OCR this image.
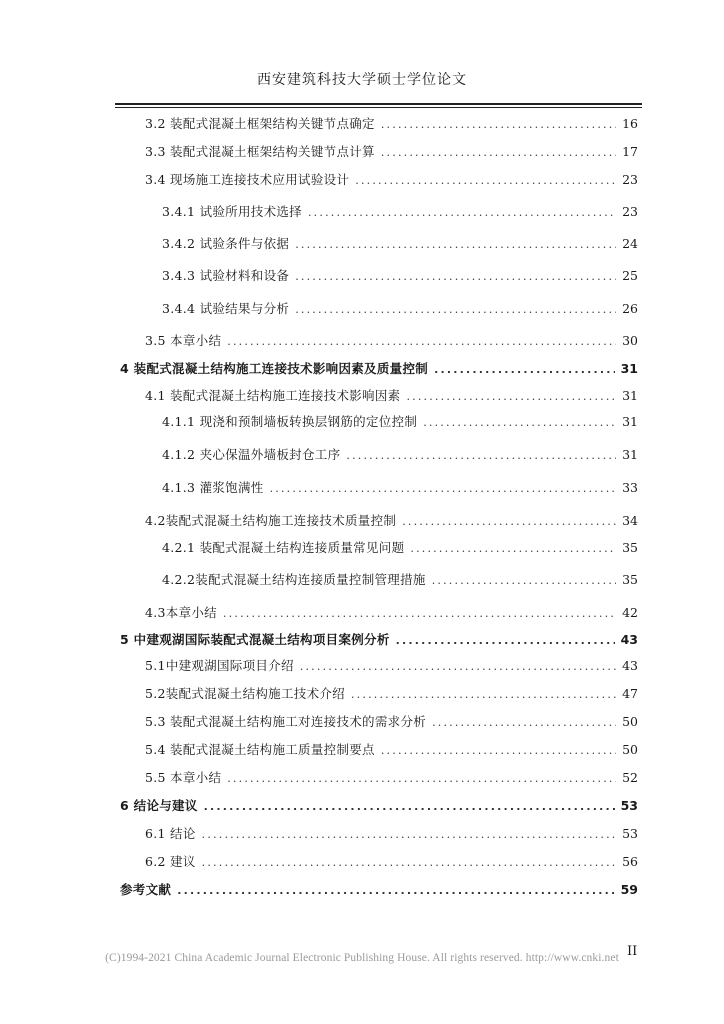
西安建筑科技大学硕士学位论文
3.2 装配式混凝土框架结构关键节点确定 .....	16
3.3 装配式混凝土框架结构关键节点计算 .....	17
3.4 现场施工连接技术应用试验设计 .....	23
3.4.1 试验所用技术选择 .....	23
3.4.2 试验条件与依据 .....	24
3.4.3 试验材料和设备 .....	25
3.4.4 试验结果与分析 .....	26
3.5 本章小结 .....	30
4 装配式混凝土结构施工连接技术影响因素及质量控制 .....	31
4.1 装配式混凝土结构施工连接技术影响因素 .....	31
4.1.1 现浇和预制墙板转换层钢筋的定位控制 .....	31
4.1.2 夹心保温外墙板封仓工序 .....	31
4.1.3 灌浆饱满性 .....	33
4.2装配式混凝土结构施工连接技术质量控制 .....	34
4.2.1 装配式混凝土结构连接质量常见问题 .....	35
4.2.2装配式混凝土结构连接质量控制管理措施 .....	35
4.3本章小结 .....	42
5 中建观湖国际装配式混凝土结构项目案例分析 .....	43
5.1中建观湖国际项目介绍 .....	43
5.2装配式混凝土结构施工技术介绍 .....	47
5.3 装配式混凝土结构施工对连接技术的需求分析 .....	50
5.4 装配式混凝土结构施工质量控制要点 .....	50
5.5 本章小结 .....	52
6 结论与建议 .....	53
6.1 结论 .....	53
6.2 建议 .....	56
参考文献 .....	59
II
(C)1994-2021 China Academic Journal Electronic Publishing House. All rights reserved. http://www.cnki.net
